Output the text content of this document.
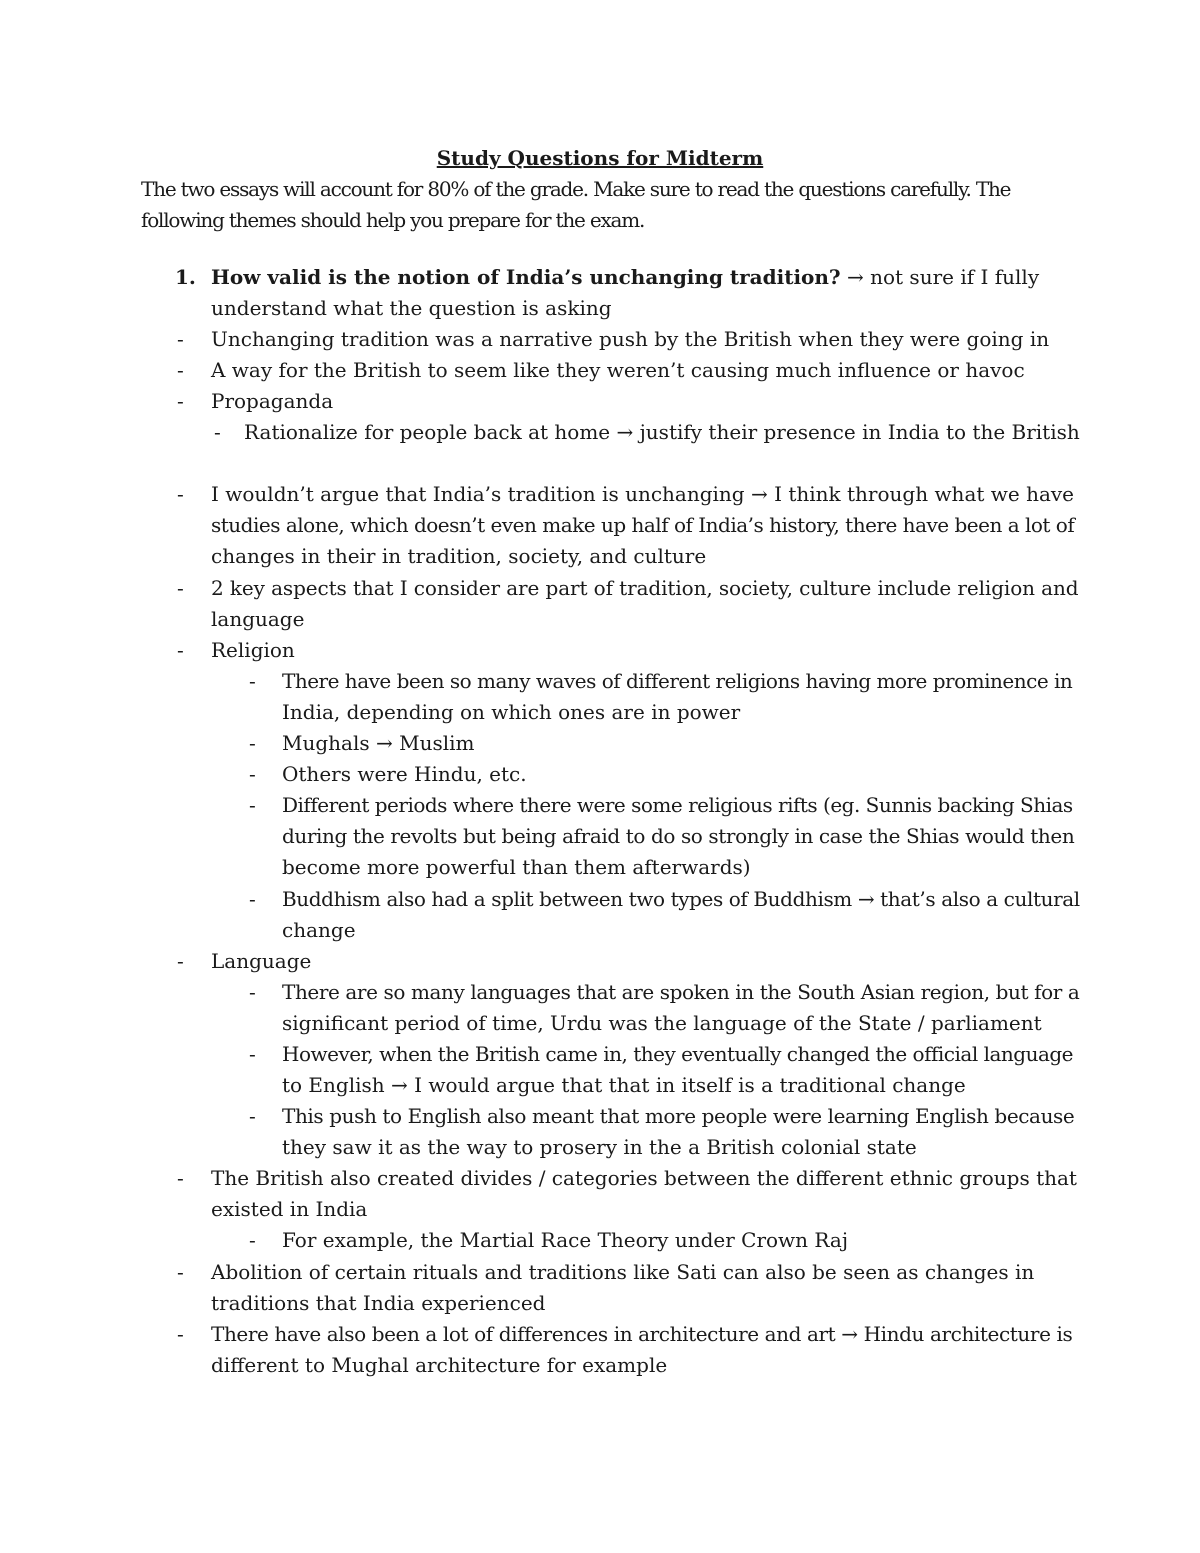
Study Questions for Midterm
The two essays will account for 80% of the grade. Make sure to read the questions carefully. The
following themes should help you prepare for the exam.
1. How valid is the notion of India’s unchanging tradition? → not sure if I fully
understand what the question is asking
- Unchanging tradition was a narrative push by the British when they were going in
- A way for the British to seem like they weren’t causing much influence or havoc
- Propaganda
- Rationalize for people back at home → justify their presence in India to the British
- I wouldn’t argue that India’s tradition is unchanging → I think through what we have
studies alone, which doesn’t even make up half of India’s history, there have been a lot of
changes in their in tradition, society, and culture
- 2 key aspects that I consider are part of tradition, society, culture include religion and
language
- Religion
- There have been so many waves of different religions having more prominence in
India, depending on which ones are in power
- Mughals → Muslim
- Others were Hindu, etc.
- Different periods where there were some religious rifts (eg. Sunnis backing Shias
during the revolts but being afraid to do so strongly in case the Shias would then
become more powerful than them afterwards)
- Buddhism also had a split between two types of Buddhism → that’s also a cultural
change
- Language
- There are so many languages that are spoken in the South Asian region, but for a
significant period of time, Urdu was the language of the State / parliament
- However, when the British came in, they eventually changed the official language
to English → I would argue that that in itself is a traditional change
- This push to English also meant that more people were learning English because
they saw it as the way to prosery in the a British colonial state
- The British also created divides / categories between the different ethnic groups that
existed in India
- For example, the Martial Race Theory under Crown Raj
- Abolition of certain rituals and traditions like Sati can also be seen as changes in
traditions that India experienced
- There have also been a lot of differences in architecture and art → Hindu architecture is
different to Mughal architecture for example
